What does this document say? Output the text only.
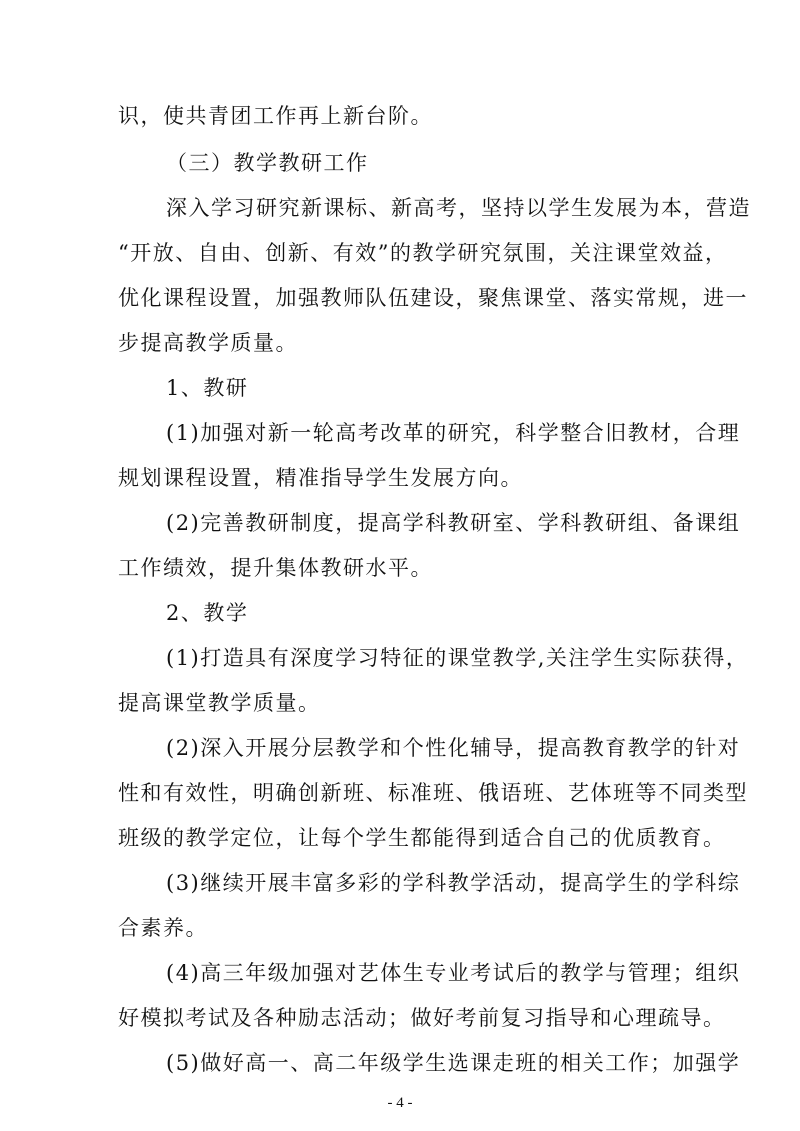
识，使共青团工作再上新台阶。
（三）教学教研工作
深入学习研究新课标、新高考，坚持以学生发展为本，营造
“开放、自由、创新、有效”的教学研究氛围，关注课堂效益，
优化课程设置，加强教师队伍建设，聚焦课堂、落实常规，进一
步提高教学质量。
1、教研
(1)加强对新一轮高考改革的研究，科学整合旧教材，合理
规划课程设置，精准指导学生发展方向。
(2)完善教研制度，提高学科教研室、学科教研组、备课组
工作绩效，提升集体教研水平。
2、教学
(1)打造具有深度学习特征的课堂教学,关注学生实际获得，
提高课堂教学质量。
(2)深入开展分层教学和个性化辅导，提高教育教学的针对
性和有效性，明确创新班、标准班、俄语班、艺体班等不同类型
班级的教学定位，让每个学生都能得到适合自己的优质教育。
(3)继续开展丰富多彩的学科教学活动，提高学生的学科综
合素养。
(4)高三年级加强对艺体生专业考试后的教学与管理；组织
好模拟考试及各种励志活动；做好考前复习指导和心理疏导。
(5)做好高一、高二年级学生选课走班的相关工作；加强学
- 4 -
